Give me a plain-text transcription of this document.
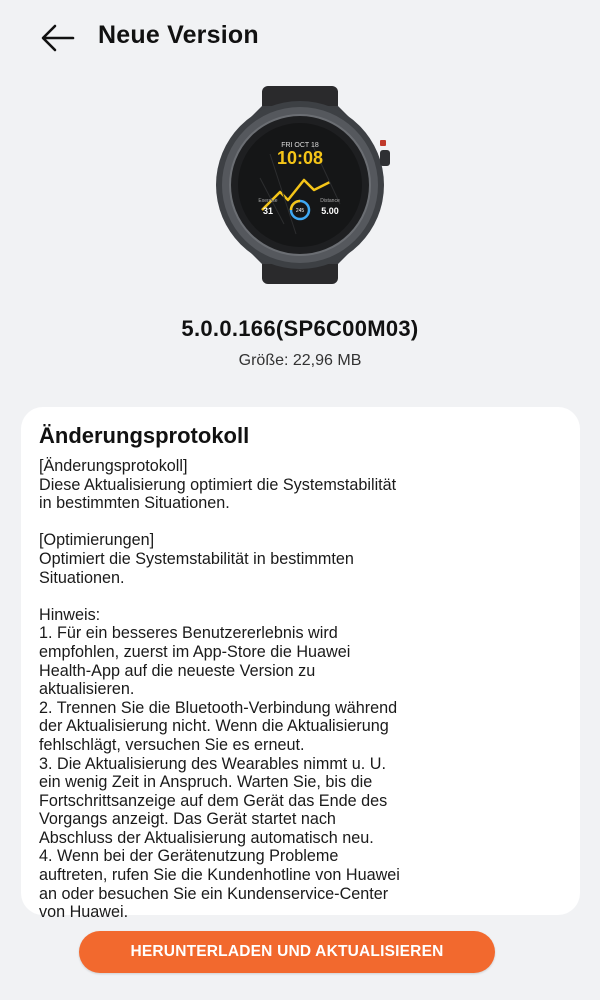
Neue Version
FRI OCT 18
10:08
Exercise
31	245
Distance
5.00
5.0.0.166(SP6C00M03)
Größe: 22,96 MB
Änderungsprotokoll
[Änderungsprotokoll]
Diese Aktualisierung optimiert die Systemstabilität
in bestimmten Situationen.

[Optimierungen]
Optimiert die Systemstabilität in bestimmten
Situationen.

Hinweis:
1. Für ein besseres Benutzererlebnis wird
empfohlen, zuerst im App-Store die Huawei
Health-App auf die neueste Version zu
aktualisieren.
2. Trennen Sie die Bluetooth-Verbindung während
der Aktualisierung nicht. Wenn die Aktualisierung
fehlschlägt, versuchen Sie es erneut.
3. Die Aktualisierung des Wearables nimmt u. U.
ein wenig Zeit in Anspruch. Warten Sie, bis die
Fortschrittsanzeige auf dem Gerät das Ende des
Vorgangs anzeigt. Das Gerät startet nach
Abschluss der Aktualisierung automatisch neu.
4. Wenn bei der Gerätenutzung Probleme
auftreten, rufen Sie die Kundenhotline von Huawei
an oder besuchen Sie ein Kundenservice-Center
von Huawei.
HERUNTERLADEN UND AKTUALISIEREN
